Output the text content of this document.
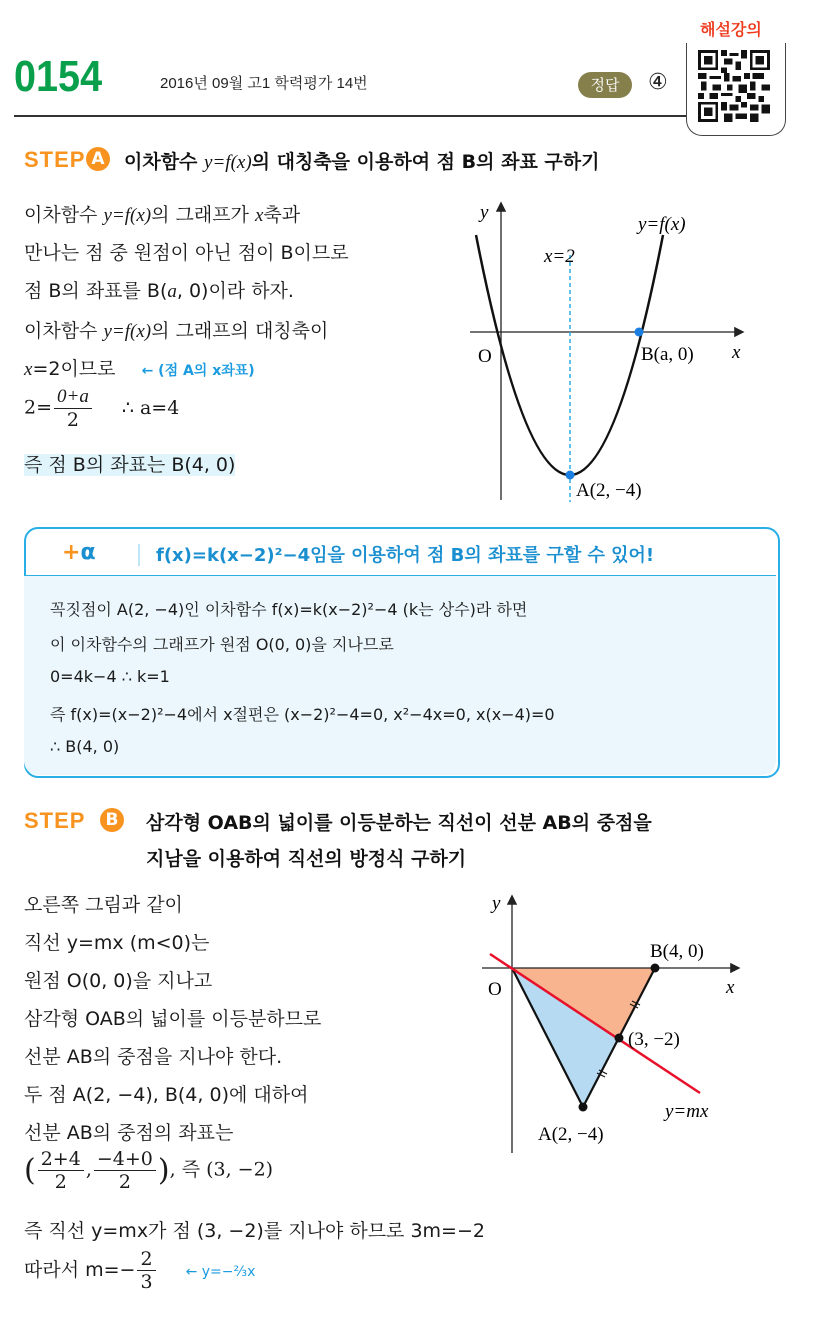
0154	2016년 09월 고1 학력평가 14번	정답	④
해설강의
STEP A 이차함수 y=f(x)의 대칭축을 이용하여 점 B의 좌표 구하기
이차함수 y=f(x)의 그래프가 x축과
만나는 점 중 원점이 아닌 점이 B이므로
점 B의 좌표를 B(a, 0)이라 하자.
이차함수 y=f(x)의 그래프의 대칭축이
x=2이므로 ← (점 A의 x좌표)
$2= \frac{0+a}{2}$ ∴ a=4
즉 점 B의 좌표는 B(4, 0)
y
x
O
y=f(x)
x=2
B(a, 0)
A(2, −4)
+α	f(x)=k(x−2)²−4임을 이용하여 점 B의 좌표를 구할 수 있어!
꼭짓점이 A(2, −4)인 이차함수 f(x)=k(x−2)²−4 (k는 상수)라 하면
이 이차함수의 그래프가 원점 O(0, 0)을 지나므로
0=4k−4 ∴ k=1
즉 f(x)=(x−2)²−4에서 x절편은 (x−2)²−4=0, x²−4x=0, x(x−4)=0
∴ B(4, 0)
STEP	B 삼각형 OAB의 넓이를 이등분하는 직선이 선분 AB의 중점을
지남을 이용하여 직선의 방정식 구하기
오른쪽 그림과 같이
직선 y=mx (m<0)는
원점 O(0, 0)을 지나고
삼각형 OAB의 넓이를 이등분하므로
선분 AB의 중점을 지나야 한다.
두 점 A(2, −4), B(4, 0)에 대하여
선분 AB의 중점의 좌표는
( $\frac{2+4}{2}$ , $\frac{-4+0}{2}$ ), 즉 (3, −2)
즉 직선 y=mx가 점 (3, −2)를 지나야 하므로 3m=−2
따라서 $m=- \frac{2}{3}$ ← y=−⅔x
y
x
O
B(4, 0)
(3, −2)
A(2, −4)
y=mx
